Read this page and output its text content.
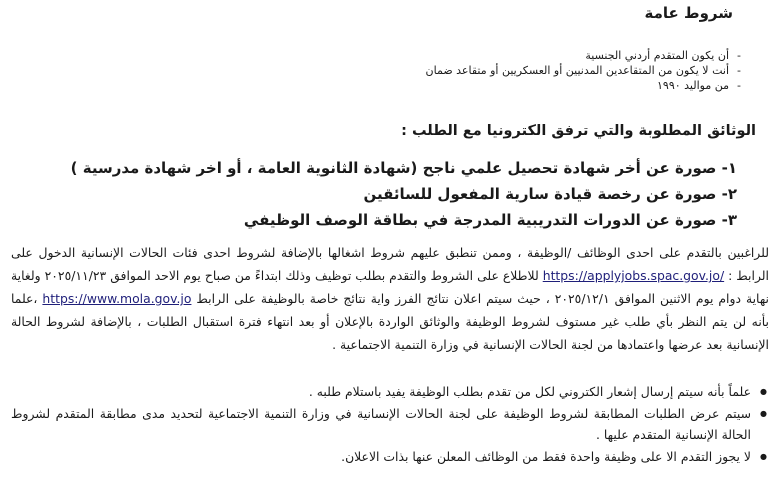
شروط عامة
- أن يكون المتقدم أردني الجنسية
- أنت لا يكون من المتقاعدين المدنيين أو العسكريين أو متقاعد ضمان
- من مواليد ١٩٩٠
الوثائق المطلوبة والتي ترفق الكترونيا مع الطلب :
١- صورة عن أخر شهادة تحصيل علمي ناجح (شهادة الثانوية العامة ، أو اخر شهادة مدرسية )
٢- صورة عن رخصة قيادة سارية المفعول للسائقين
٣- صورة عن الدورات التدريبية المدرجة في بطاقة الوصف الوظيفي

للراغبين بالتقدم على احدى الوظائف /الوظيفة ، وممن تنطبق عليهم شروط اشغالها بالإضافة لشروط احدى فئات الحالات الإنسانية الدخول على الرابط : https://applyjobs.spac.gov.jo/ للاطلاع على الشروط والتقدم بطلب توظيف وذلك ابتداءً من صباح يوم الاحد الموافق ٢٠٢٥/١١/٢٣ ولغاية نهاية دوام يوم الاثنين الموافق ٢٠٢٥/١٢/١ ، حيث سيتم اعلان نتائج الفرز واية نتائج خاصة بالوظيفة على الرابط https://www.mola.gov.jo ،علما بأنه لن يتم النظر بأي طلب غير مستوف لشروط الوظيفة والوثائق الواردة بالإعلان أو بعد انتهاء فترة استقبال الطلبات ، بالإضافة لشروط الحالة الإنسانية بعد عرضها واعتمادها من لجنة الحالات الإنسانية في وزارة التنمية الاجتماعية .

● علماً بأنه سيتم إرسال إشعار الكتروني لكل من تقدم بطلب الوظيفة يفيد باستلام طلبه .
● سيتم عرض الطلبات المطابقة لشروط الوظيفة على لجنة الحالات الإنسانية في وزارة التنمية الاجتماعية لتحديد مدى مطابقة المتقدم لشروط الحالة الإنسانية المتقدم عليها .
● لا يجوز التقدم الا على وظيفة واحدة فقط من الوظائف المعلن عنها بذات الاعلان.
